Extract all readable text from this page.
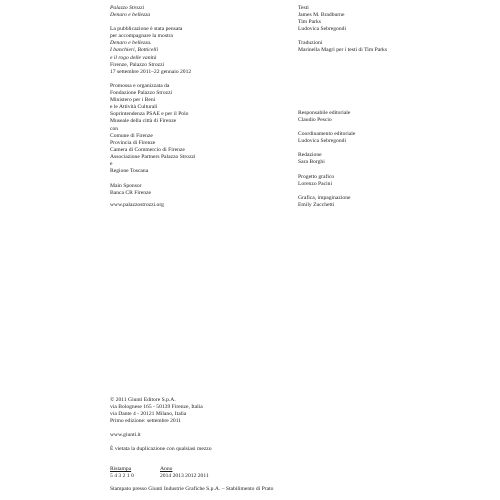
Palazzo Strozzi
Denaro e bellezza
La pubblicazione è stata pensata
per accompagnare la mostra
Denaro e bellezza.
I banchieri, Botticelli
e il rogo delle vanità
Firenze, Palazzo Strozzi
17 settembre 2011–22 gennaio 2012
Promossa e organizzata da
Fondazione Palazzo Strozzi
Ministero per i Beni
e le Attività Culturali
Soprintendenza PSAE e per il Polo
Museale della città di Firenze
con
Comune di Firenze
Provincia di Firenze
Camera di Commercio di Firenze
Associazione Partners Palazzo Strozzi
e
Regione Toscana
Main Sponsor
Banca CR Firenze
www.palazzostrozzi.org
Testi
James M. Bradburne
Tim Parks
Ludovica Sebregondi
Traduzioni
Marinella Magrì per i testi di Tim Parks
Responsabile editoriale
Claudio Pescio
Coordinamento editoriale
Ludovica Sebregondi
Redazione
Sara Borghi
Progetto grafico
Lorenzo Pacini
Grafica, impaginazione
Emily Zucchetti
© 2011 Giunti Editore S.p.A.
via Bolognese 165 - 50139 Firenze, Italia
via Dante 4 - 20121 Milano, Italia
Primo edizione: settembre 2011
www.giunti.it
È vietata la duplicazione con qualsiasi mezzo
Ristampa	Anno
5 4 3 2 1 0	2014 2013 2012 2011
Stampato presso Giunti Industrie Grafiche S.p.A. – Stabilimento di Prato
